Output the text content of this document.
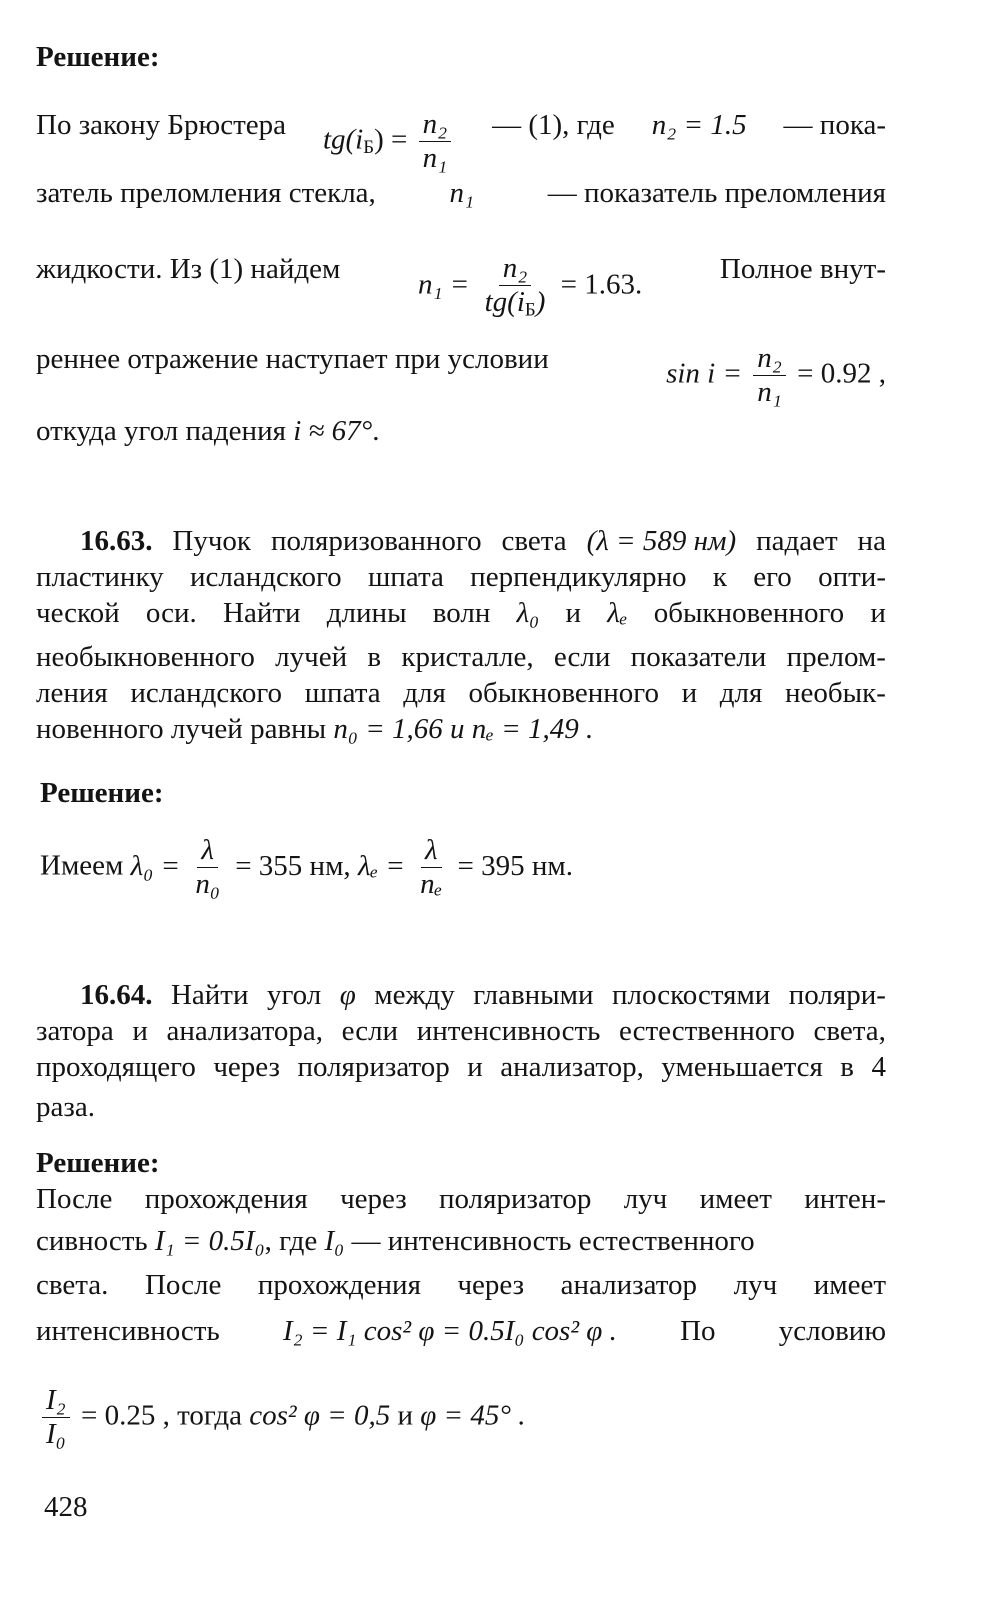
Решение:
По закону Брюстера $tg(i_Б) = \frac{\text{n₂}}{\text{n₁}}$ — (1), где n₂ = 1.5 — пока-
затель преломления стекла,	n₁	— показатель преломления
жидкости. Из (1) найдем	$n_1 = \frac{\text{n₂}}{tg(i_Б)} = 1.63$.	Полное внут-
реннее отражение наступает при условии	$\sin i = \frac{\text{n₂}}{\text{n₁}} = 0.92$ ,
откуда угол падения i ≈ 67°.
16.63. Пучок поляризованного света (λ = 589 нм) падает на
пластинку исландского шпата перпендикулярно к его опти-
ческой оси. Найти длины волн λ₀ и λₑ обыкновенного и
необыкновенного лучей в кристалле, если показатели прелом-
ления исландского шпата для обыкновенного и для необык-
новенного лучей равны n₀ = 1,66 и nₑ = 1,49 .
Решение:
Имеем $\lambda_0 = \frac{\lambda}{\text{n₀}} = 355$ нм, $\lambda_e = \frac{\lambda}{\text{nₑ}} = 395$ нм.
16.64. Найти угол φ между главными плоскостями поляри-
затора и анализатора, если интенсивность естественного света,
проходящего через поляризатор и анализатор, уменьшается в 4
раза.
Решение:
После прохождения через поляризатор луч имеет интен-
сивность I₁ = 0.5I₀, где I₀ — интенсивность естественного
света. После прохождения через анализатор луч имеет
интенсивность I₂ = I₁ cos² φ = 0.5I₀ cos² φ . По условию
$\frac{\text{I₂}}{\text{I₀}} = 0.25$ , тогда cos² φ = 0,5 и φ = 45° .
428
